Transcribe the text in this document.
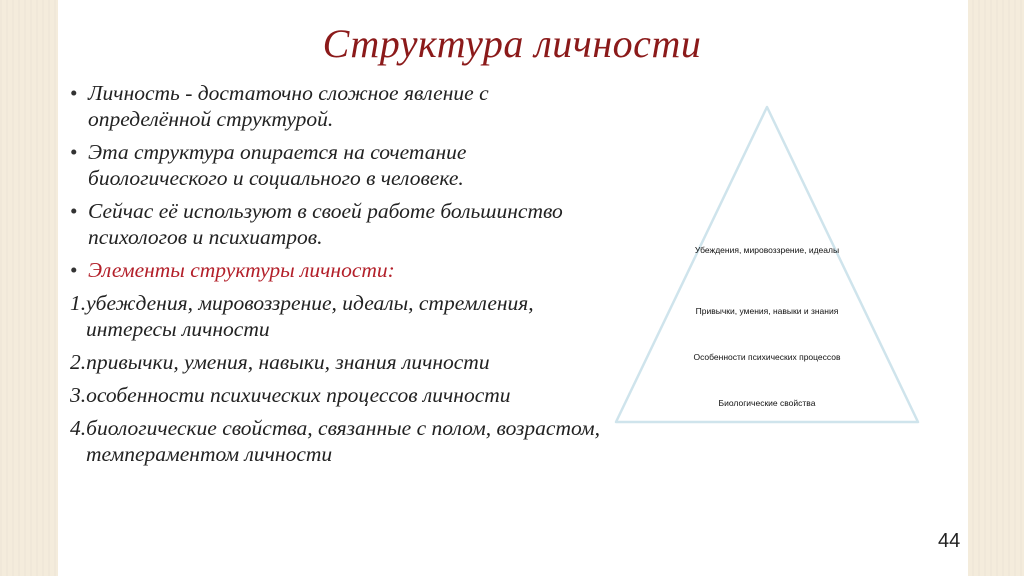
Структура личности
• Личность - достаточно сложное явление с определённой структурой.
• Эта структура опирается на сочетание биологического и социального в человеке.
• Сейчас её используют в своей работе большинство психологов и психиатров.
• Элементы структуры личности:
1.убеждения, мировоззрение, идеалы, стремления, интересы личности
2.привычки, умения, навыки, знания личности
3.особенности психических процессов личности
4.биологические свойства, связанные с полом, возрастом, темпераментом личности
Убеждения, мировоззрение, идеалы
Привычки, умения, навыки и знания
Особенности психических процессов
Биологические свойства
44
